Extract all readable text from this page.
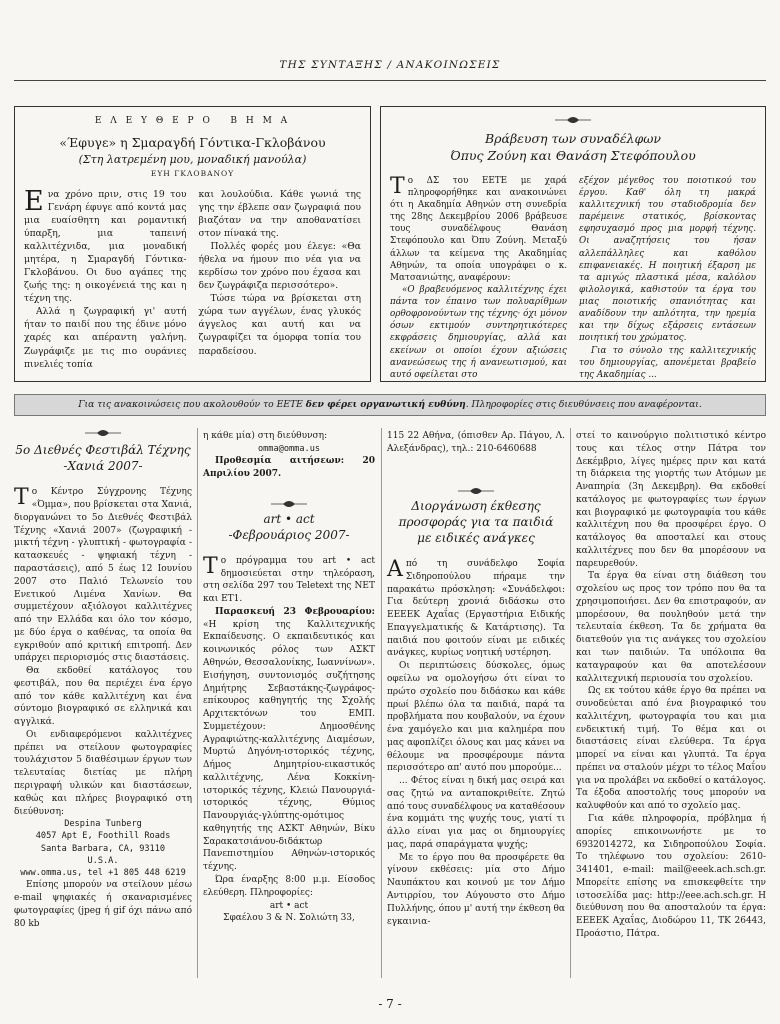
ΤΗΣ ΣΥΝΤΑΞΗΣ / ΑΝΑΚΟΙΝΩΣΕΙΣ
Ε Λ Ε Υ Θ Ε Ρ Ο   Β Η Μ Α
«Έφυγε» η Σμαραγδή Γόντικα-Γκλοβάνου
(Στη λατρεμένη μου, μοναδική μανούλα)
ΕΥΗ ΓΚΛΟΒΑΝΟΥ

Ενα χρόνο πριν, στις 19 του Γενάρη έφυγε από κοντά μας μια ευαίσθητη και ρομαντική ύπαρξη, μια ταπεινή καλλιτέχνιδα, μια μοναδική μητέρα, η Σμαραγδή Γόντικα-Γκλοβάνου. Οι δυο αγάπες της ζωής της: η οικογένειά της και η τέχνη της.

Αλλά η ζωγραφική γι' αυτή ήταν το παιδί που της έδινε μόνο χαρές και απέραντη γαλήνη. Ζωγράφιζε με τις πιο ουράνιες πινελιές τοπία

και λουλούδια. Κάθε γωνιά της γης την έβλεπε σαν ζωγραφιά που βιαζόταν να την αποθανατίσει στον πίνακά της.

Πολλές φορές μου έλεγε: «Θα ήθελα να ήμουν πιο νέα για να κερδίσω τον χρόνο που έχασα και δεν ζωγράφιζα περισσότερο».

Τώσε τώρα να βρίσκεται στη χώρα των αγγέλων, ένας γλυκός άγγελος και αυτή και να ζωγραφίζει τα όμορφα τοπία του παραδείσου.

Βράβευση των συναδέλφων
Όπυς Ζούνη και Θανάση Στεφόπουλου

Το ΔΣ του ΕΕΤΕ με χαρά πληροφορήθηκε και ανακοινώνει ότι η Ακαδημία Αθηνών στη συνεδρία της 28ης Δεκεμβρίου 2006 βράβευσε τους συναδέλφους Θανάση Στεφόπουλο και Όπυ Ζούνη. Μεταξύ άλλων τα κείμενα της Ακαδημίας Αθηνών, τα οποία υπογράφει ο κ. Ματσανιώτης, αναφέρουν:

«Ο βραβευόμενος καλλιτέχνης έχει πάντα τον έπαινο των πολυαρίθμων ορθοφρονούντων της τέχνης· όχι μόνον όσων εκτιμούν συντηρητικότερες εκφράσεις δημιουργίας, αλλά και εκείνων οι οποίοι έχουν αξιώσεις ανανεώσεως της ή ανανεωτισμού, και αυτό οφείλεται στο

εξέχον μέγεθος του ποιοτικού του έργου. Καθ' όλη τη μακρά καλλιτεχνική του σταδιοδρομία δεν παρέμεινε στατικός, βρίσκοντας εφησυχασμό προς μια μορφή τέχνης. Οι αναζητήσεις του ήσαν αλλεπάλληλες και καθόλου επιφανειακές. Η ποιητική έξαρση με τα αμιγώς πλαστικά μέσα, καλόλου φιλολογικά, καθιστούν τα έργα του μιας ποιοτικής σπανιότητας και αναδίδουν την απλότητα, την ηρεμία και την δίχως εξάρσεις εντάσεων ποιητική του χρώματος.

Για το σύνολο της καλλιτεχνικής του δημιουργίας, απονέμεται βραβείο της Ακαδημίας ...

Για τις ανακοινώσεις που ακολουθούν το ΕΕΤΕ δεν φέρει οργανωτική ευθύνη. Πληροφορίες στις διευθύνσεις που αναφέρονται.
5ο Διεθνές Φεστιβάλ Τέχνης
-Χανιά 2007-

Το Κέντρο Σύγχρονης Τέχνης «Όμμα», που βρίσκεται στα Χανιά, διοργανώνει το 5ο Διεθνές Φεστιβάλ Τέχνης «Χανιά 2007» (ζωγραφική - μικτή τέχνη - γλυπτική - φωτογραφία - κατασκευές - ψηφιακή τέχνη - παραστάσεις), από 5 έως 12 Ιουνίου 2007 στο Παλιό Τελωνείο του Ενετικού Λιμένα Χανίων. Θα συμμετέχουν αξιόλογοι καλλιτέχνες από την Ελλάδα και όλο τον κόσμο, με δύο έργα ο καθένας, τα οποία θα εγκριθούν από κριτική επιτροπή. Δεν υπάρχει περιορισμός στις διαστάσεις.

Θα εκδοθεί κατάλογος του φεστιβάλ, που θα περιέχει ένα έργο από τον κάθε καλλιτέχνη και ένα σύντομο βιογραφικό σε ελληνικά και αγγλικά.

Οι ενδιαφερόμενοι καλλιτέχνες πρέπει να στείλουν φωτογραφίες τουλάχιστον 5 διαθέσιμων έργων των τελευταίας διετίας με πλήρη περιγραφή υλικών και διαστάσεων, καθώς και πλήρες βιογραφικό στη διεύθυνση:

Despina Tunberg
4057 Apt E, Foothill Roads
Santa Barbara, CA, 93110
U.S.A.
www.omma.us, tel +1 805 448 6219

Επίσης μπορούν να στείλουν μέσω e-mail ψηφιακές ή σκαναρισμένες φωτογραφίες (jpeg ή gif όχι πάνω από 80 kb

η κάθε μία) στη διεύθυνση:

omma@omma.us

Προθεσμία αιτήσεων: 20 Απριλίου 2007.

art • act
-Φεβρουάριος 2007-

Το πρόγραμμα του art • act δημοσιεύεται στην τηλεόραση, στη σελίδα 297 του Teletext της ΝΕΤ και ΕΤ1.

Παρασκευή 23 Φεβρουαρίου: «Η κρίση της Καλλιτεχνικής Εκπαίδευσης. Ο εκπαιδευτικός και κοινωνικός ρόλος των ΑΣΚΤ Αθηνών, Θεσσαλονίκης, Ιωαννίνων». Εισήγηση, συντονισμός συζήτησης Δημήτρης Σεβαστάκης-ζωγράφος-επίκουρος καθηγητής της Σχολής Αρχιτεκτόνων του ΕΜΠ. Συμμετέχουν: Δημοσθένης Αγραφιώτης-καλλιτέχνης Διαμέσων, Μυρτώ Δηγόνη-ιστορικός τέχνης, Δήμος Δημητρίου-εικαστικός καλλιτέχνης, Λένα Κοκκίνη-ιστορικός τέχνης, Κλειώ Πανουργιά-ιστορικός τέχνης, Θύμιος Πανουργιάς-γλύπτης-ομότιμος καθηγητής της ΑΣΚΤ Αθηνών, Βίκυ Σαρακατσιάνου-διδάκτωρ Πανεπιστημίου Αθηνών-ιστορικός τέχνης.

Ώρα έναρξης 8:00 μ.μ. Είσοδος ελεύθερη. Πληροφορίες:

art • act
Σφαέλου 3 & Ν. Σολιώτη 33,

115 22 Αθήνα, (όπισθεν Αρ. Πάγου, Λ. Αλεξάνδρας), τηλ.: 210-6460688

Διοργάνωση έκθεσης
προσφοράς για τα παιδιά
με ειδικές ανάγκες

Από τη συνάδελφο Σοφία Σιδηροπούλου πήραμε την παρακάτω πρόσκληση: «Συνάδελφοι: Για δεύτερη χρονιά διδάσκω στο ΕΕΕΕΚ Αχαΐας (Εργαστήρια Ειδικής Επαγγελματικής & Κατάρτισης). Τα παιδιά που φοιτούν είναι με ειδικές ανάγκες, κυρίως νοητική υστέρηση.

Οι περιπτώσεις δύσκολες, όμως οφείλω να ομολογήσω ότι είναι το πρώτο σχολείο που διδάσκω και κάθε πρωί βλέπω όλα τα παιδιά, παρά τα προβλήματα που κουβαλούν, να έχουν ένα χαμόγελο και μια καλημέρα που μας αφοπλίζει όλους και μας κάνει να θέλουμε να προσφέρουμε πάντα περισσότερο απ' αυτό που μπορούμε...

... Φέτος είναι η δική μας σειρά και σας ζητώ να ανταποκριθείτε. Ζητώ από τους συναδέλφους να καταθέσουν ένα κομμάτι της ψυχής τους, γιατί τι άλλο είναι για μας οι δημιουργίες μας, παρά σπαράγματα ψυχής;

Με το έργο που θα προσφέρετε θα γίνουν εκθέσεις: μία στο Δήμο Ναυπάκτου και κοινού με τον Δήμο Αντιρρίου, τον Αύγουστο στο Δήμο Πυλλήνης, όπου μ' αυτή την έκθεση θα εγκαινια-

στεί το καινούργιο πολιτιστικό κέντρο τους και τέλος στην Πάτρα τον Δεκέμβριο, λίγες ημέρες πριν και κατά τη διάρκεια της γιορτής των Ατόμων με Αναπηρία (3η Δεκεμβρη). Θα εκδοθεί κατάλογος με φωτογραφίες των έργων και βιογραφικό με φωτογραφία του κάθε καλλιτέχνη που θα προσφέρει έργο. Ο κατάλογος θα αποσταλεί και στους καλλιτέχνες που δεν θα μπορέσουν να παρευρεθούν.

Τα έργα θα είναι στη διάθεση του σχολείου ως προς τον τρόπο που θα τα χρησιμοποιήσει. Δεν θα επιστραφούν, αν μπορέσουν, θα πουληθούν μετά την τελευταία έκθεση. Τα δε χρήματα θα διατεθούν για τις ανάγκες του σχολείου και των παιδιών. Τα υπόλοιπα θα καταγραφούν και θα αποτελέσουν καλλιτεχνική περιουσία του σχολείου.

Ως εκ τούτου κάθε έργο θα πρέπει να συνοδεύεται από ένα βιογραφικό του καλλιτέχνη, φωτογραφία του και μια ενδεικτική τιμή. Το θέμα και οι διαστάσεις είναι ελεύθερα. Τα έργα μπορεί να είναι και γλυπτά. Τα έργα πρέπει να σταλούν μέχρι το τέλος Μαΐου για να προλάβει να εκδοθεί ο κατάλογος. Τα έξοδα αποστολής τους μπορούν να καλυφθούν και από το σχολείο μας.

Για κάθε πληροφορία, πρόβλημα ή απορίες επικοινωνήστε με το 6932014272, κα Σιδηροπούλου Σοφία. Το τηλέφωνο του σχολείου: 2610-341401, e-mail: mail@eeek.ach.sch.gr. Μπορείτε επίσης να επισκεφθείτε την ιστοσελίδα μας: http://eee.ach.sch.gr. Η διεύθυνση που θα αποσταλούν τα έργα: ΕΕΕΕΚ Αχαΐας, Διοδώρου 11, ΤΚ 26443, Προάστιο, Πάτρα.

- 7 -
